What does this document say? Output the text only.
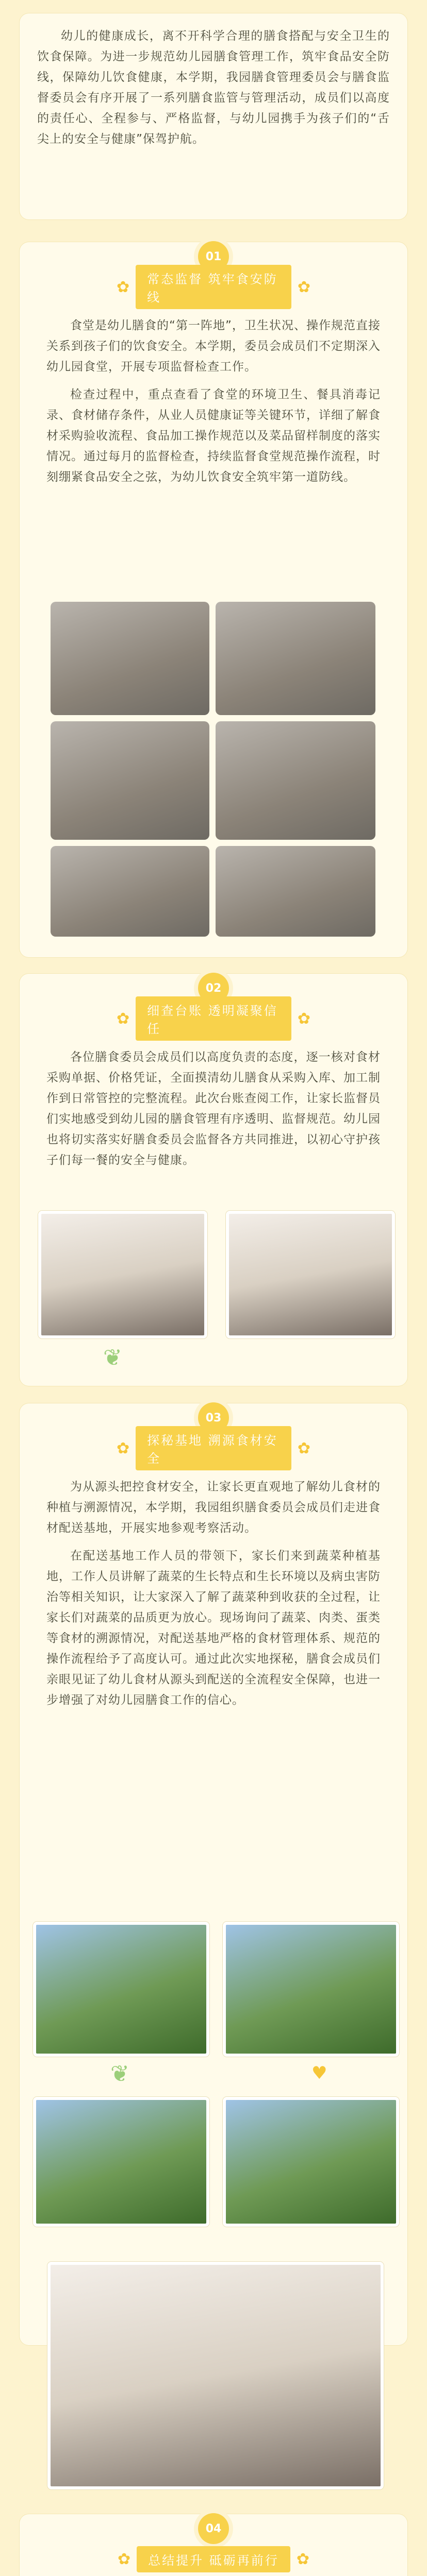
幼儿的健康成长，离不开科学合理的膳食搭配与安全卫生的饮食保障。为进一步规范幼儿园膳食管理工作，筑牢食品安全防线，保障幼儿饮食健康，本学期，我园膳食管理委员会与膳食监督委员会有序开展了一系列膳食监管与管理活动，成员们以高度的责任心、全程参与、严格监督，与幼儿园携手为孩子们的“舌尖上的安全与健康”保驾护航。

01
✿	常态监督 筑牢食安防线
✿

食堂是幼儿膳食的“第一阵地”，卫生状况、操作规范直接关系到孩子们的饮食安全。本学期，委员会成员们不定期深入幼儿园食堂，开展专项监督检查工作。

检查过程中，重点查看了食堂的环境卫生、餐具消毒记录、食材储存条件，从业人员健康证等关键环节，详细了解食材采购验收流程、食品加工操作规范以及菜品留样制度的落实情况。通过每月的监督检查，持续监督食堂规范操作流程，时刻绷紧食品安全之弦，为幼儿饮食安全筑牢第一道防线。

02
✿	细查台账 透明凝聚信任
✿

各位膳食委员会成员们以高度负责的态度，逐一核对食材采购单据、价格凭证，全面摸清幼儿膳食从采购入库、加工制作到日常管控的完整流程。此次台账查阅工作，让家长监督员们实地感受到幼儿园的膳食管理有序透明、监督规范。幼儿园也将切实落实好膳食委员会监督各方共同推进，以初心守护孩子们每一餐的安全与健康。

❦
03
✿	探秘基地 溯源食材安全
✿

为从源头把控食材安全，让家长更直观地了解幼儿食材的种植与溯源情况，本学期，我园组织膳食委员会成员们走进食材配送基地，开展实地参观考察活动。

在配送基地工作人员的带领下，家长们来到蔬菜种植基地，工作人员讲解了蔬菜的生长特点和生长环境以及病虫害防治等相关知识，让大家深入了解了蔬菜种到收获的全过程，让家长们对蔬菜的品质更为放心。现场询问了蔬菜、肉类、蛋类等食材的溯源情况，对配送基地严格的食材管理体系、规范的操作流程给予了高度认可。通过此次实地探秘，膳食会成员们亲眼见证了幼儿食材从源头到配送的全流程安全保障，也进一步增强了对幼儿园膳食工作的信心。

❦	♥
04
✿	总结提升 砥砺再前行	✿
